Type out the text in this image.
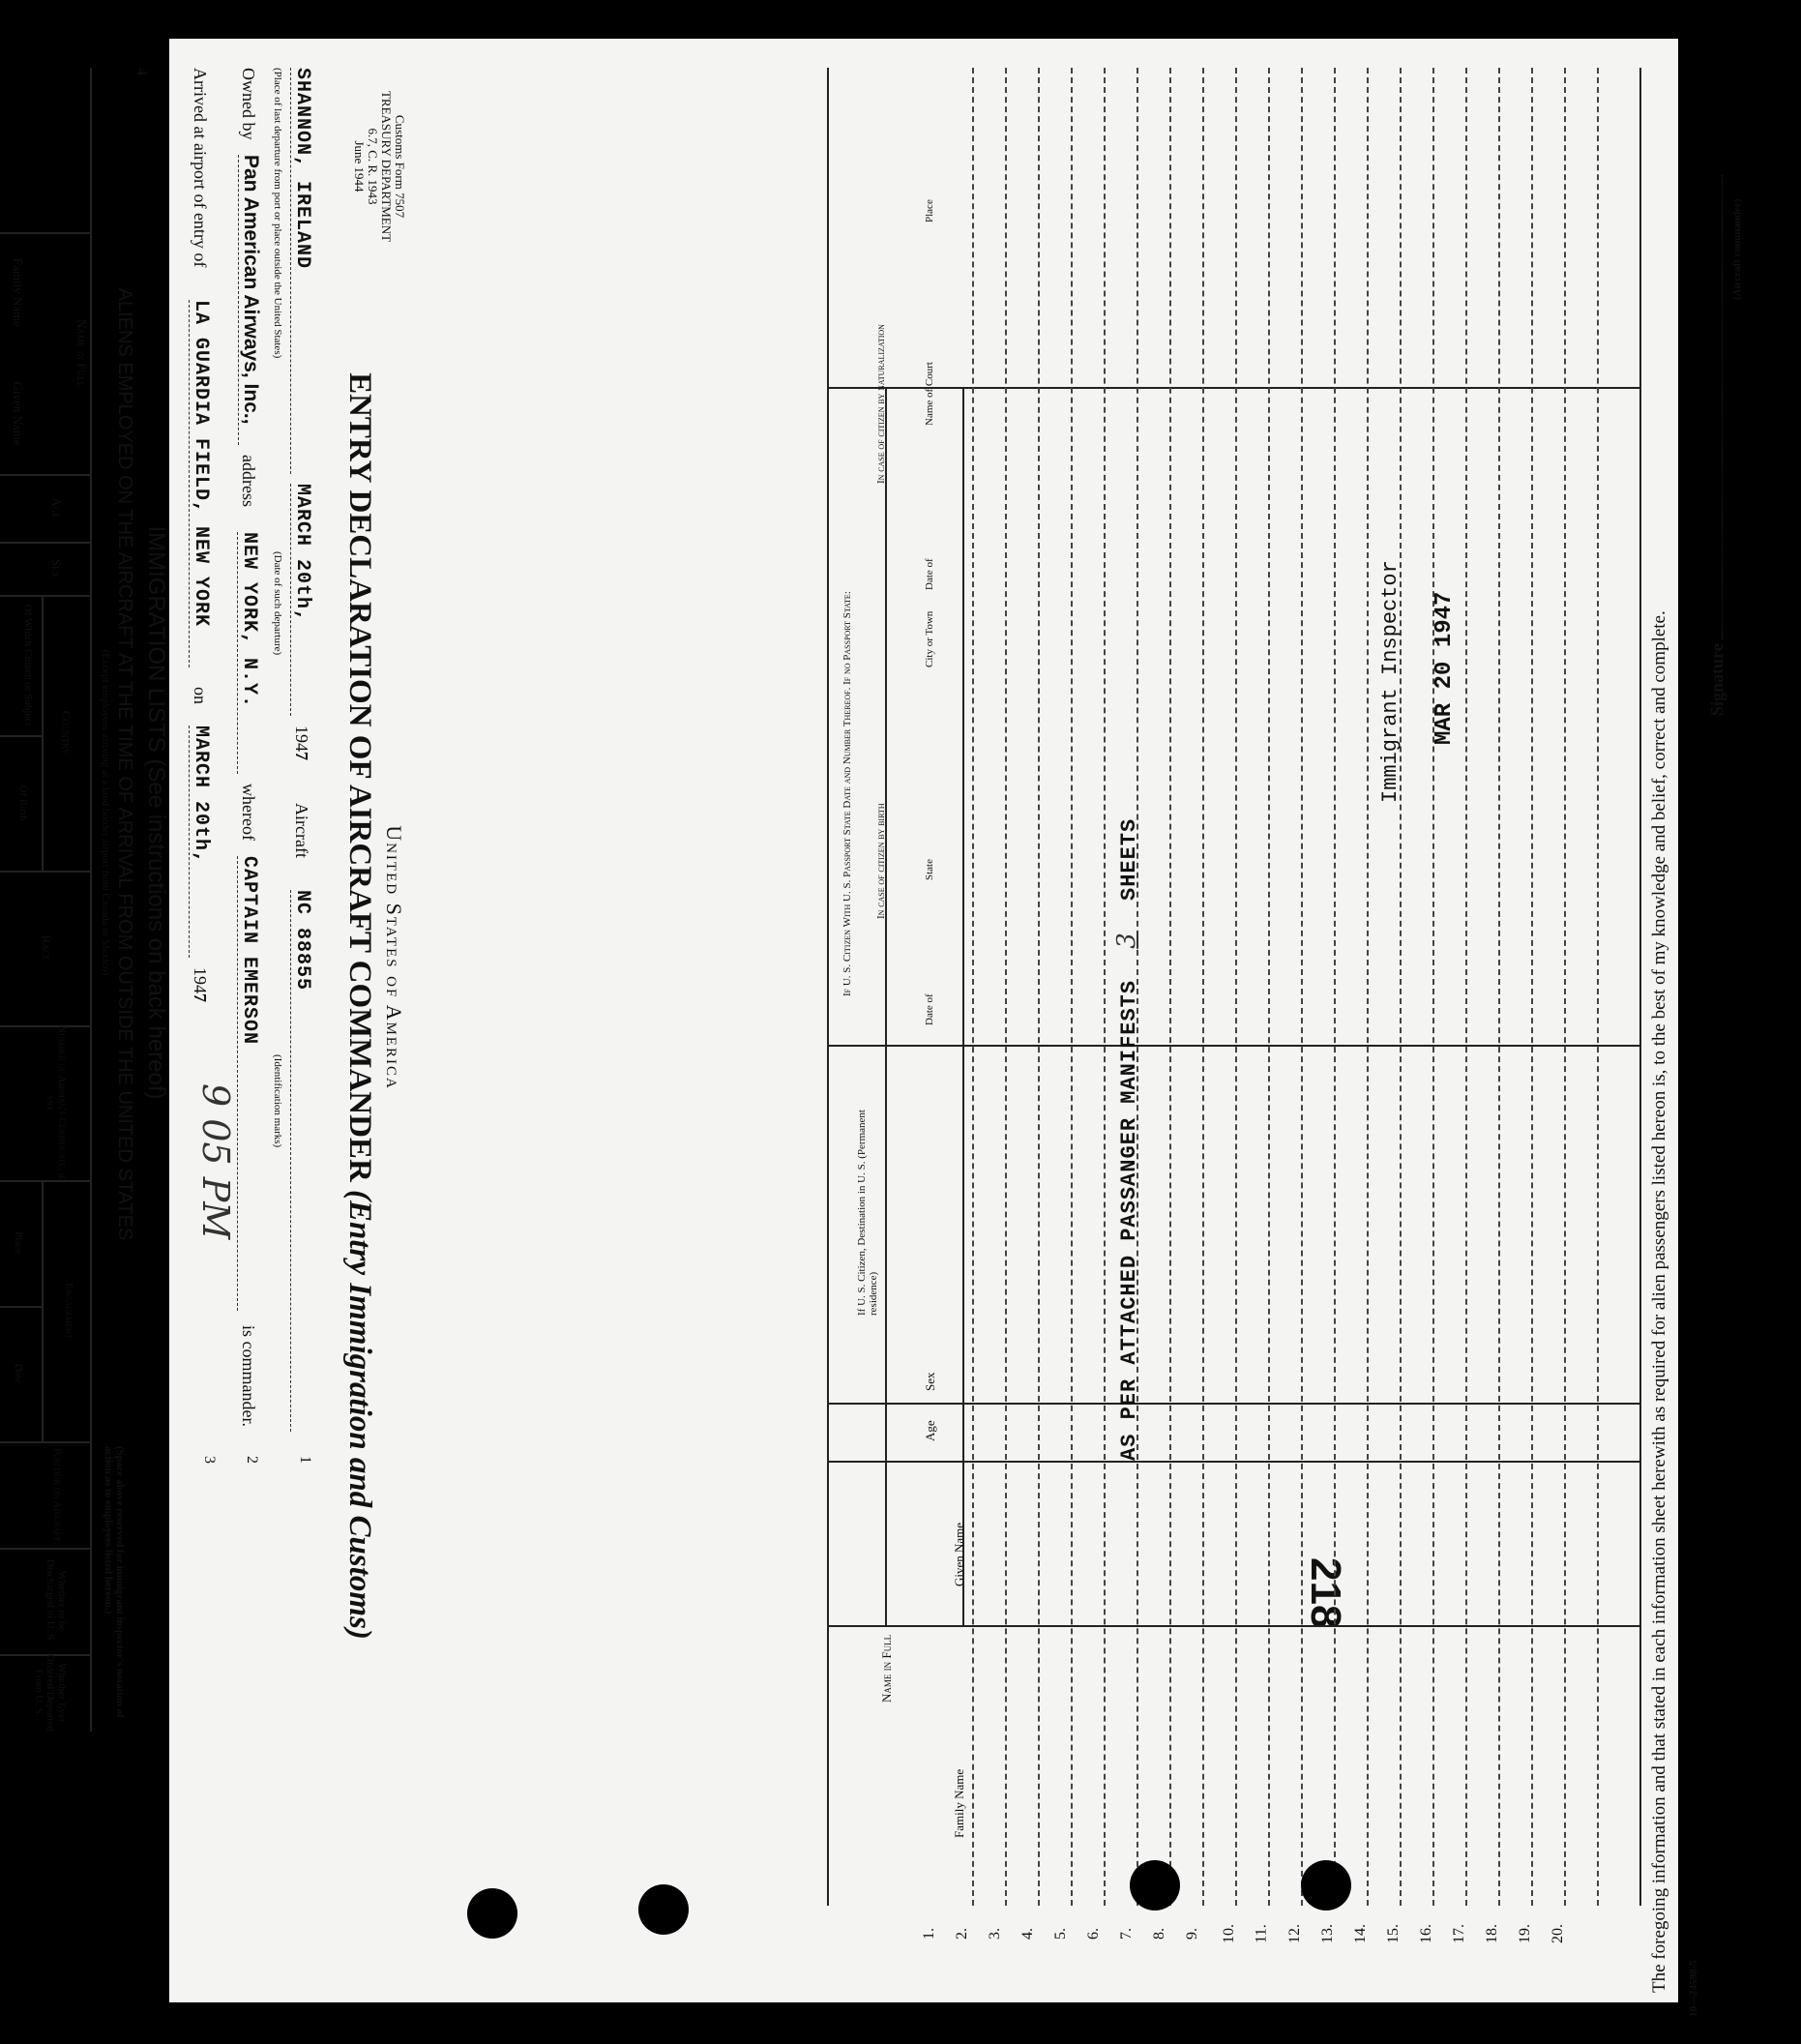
Customs Form 7507
TREASURY DEPARTMENT
6.7, C. R. 1943
June 1944
United States of America
ENTRY DECLARATION OF AIRCRAFT COMMANDER (Entry Immigration and Customs)
SHANNON, IRELAND
MARCH 20th,
1947
Aircraft
NC 88855
1
(Place of last departure from port or place outside the United States)
(Date of such departure)
(Identification marks)
Owned by
Pan American Airways, Inc.,
address
NEW YORK, N.Y.
whereof
CAPTAIN EMERSON
is commander.
2
Arrived at airport of entry of
LA GUARDIA FIELD, NEW YORK
on
MARCH 20th,
1947
3
IMMIGRATION LISTS (See instructions on back hereof)
4
ALIENS EMPLOYED ON THE AIRCRAFT AT THE TIME OF ARRIVAL FROM OUTSIDE THE UNITED STATES
(Except employees arriving at a land border airport from Canada or Mexico)
(Space above reserved for immigrant inspector's notation of action as to employees listed hereon.)
Name in Full
Family Name
Given Name
Age
Sex
Country
Of Which Citizen or Subject
Of Birth
Race
Number of Airman's Certificate, if any
Engagement
Place
Date
Position on Aircraft
Whether to be Discharged in U. S.
Whether Ever Ordered Deported From U. S.
218
9 05 PM
Name in Full
Family Name
Given Name
Age
Sex
If U. S. Citizen, Destination in U. S. (Permanent residence)
If U. S. Citizen With U. S. Passport State Date and Number Thereof. If no Passport State: In case of citizen by birth
In case of citizen by naturalization
Date of
State
City or Town
Date of
Name of Court
Place
AS PER ATTACHED PASSANGER MANIFESTS 3 SHEETS
Immigrant Inspector MAR 20 1947
1. 2. 3. 4. 5. 6. 7. 8. 9. 10. 11. 12. 13. 14. 15. 16. 17. 18. 19. 20.	The foregoing information and that stated in each information sheet herewith as required for alien passengers listed hereon is, to the best of my knowledge and belief, correct and complete. Signature
(Aircraft commander)
10—24598-5
